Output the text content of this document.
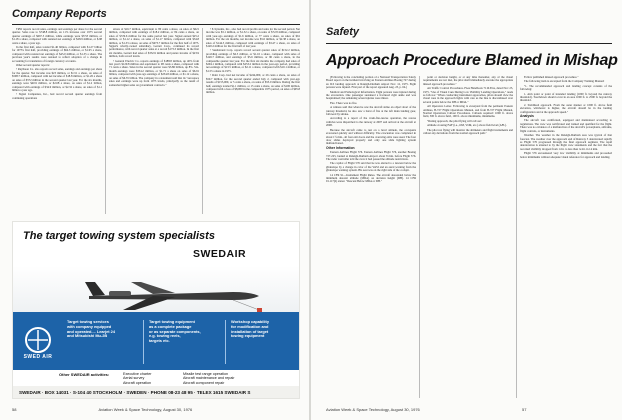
Company Reports

TRW reports record sales, earnings and earnings per share for the second quarter. Sales rose to $748.8 million, an 11% increase over 1975 second quarter earnings of $667.5 million, while earnings were $37.8 million, or $1.18 a share, compared with restated net earnings of $28.9 million, or $.98 cents a share, a year ago.

In the first half, sales totaled $1.46 billion, compared with $1.27 billion for 1975's first half, providing earnings of $64.3 million, or $1.95 a share, compared with restated net earnings of $45.0 million, or $1.35 a share. The previous year's results were restated to reflect adoption of a change in accounting for translation of foreign currency accounts.

Other second quarter reports:

• Raytheon Co. also reports record sales, earnings and earnings per share for the quarter. Net income was $23 million, or $1.51 a share, on sales of $598.7 million, compared with net income of $18.8 million, or $1.26 a share on sales of $572 million in the second quarter last year. For the six months, earnings were $40.9 million, or $2.68 a share, on sales of $1.2 billion, compared with earnings of $34.9 million, or $2.32 a share, on sales of $1.1 billion a year ago.

• Signal Companies, Inc., had record second quarter earnings from continuing operations

ations of $16.7 million, equivalent to 80 cents a share, on sales of $621 million, compared with earnings of $18.2 million, or 84 cents a share, on sales of $729.6 million for the same period last year. Signal earned $25.2 million, or $1.12 a share, on sales of $1.17 billion, compared with $34.8 million, or $1.33 a share, on sales of $973.7 million for the first half of 1975. Signal's wholly-owned subsidiary, Garrett Corp., continued its record performance, with record quarter sales at a record $173.3 million. In the first six months, Garrett had sales of $332.9 million and pretax income of $23.9 million, both record levels.

• General Electric Co. reports earnings of $188.8 million, up 40% from last year's $129.8 million and equivalent to 98 cents a share, compared with 71 cents a share. Sales in the second quarter were $3.86 billion, up 8%. Six-month earnings were $334.2 million, or $1.71 a share on sales of $6.91 billion, compared with year-ago earnings of $254.8 million, or $1.12 a share, on sales of $6.35 billion. The company in a statement said that its "aerospace sales and earnings were up from 1975 levels, principally as the result of somewhat higher sales on government contracts."

• E-Systems, Inc., also had record profits and sales for the second period. Net income was $3.1 million, or $1.32 a share, on sales of $72.8 million, compared with year-ago earnings of $1.6 million, or 77 cents a share, on sales of $61 million. For the six months, net income was $5.6 million, or $2.38 a share, on sales of $144.3 million, compared with earnings of $3.47 a share, on sales of $120.2 million for the first half of last year.

• Sundstrand Corp. reports record second quarter sales of $152.2 million, providing earnings of $6.5 million, or $1.16 a share, compared with sales of $126.7 million, and earnings of $5.6 million, or 96 cents a share, in the comparable quarter last year. For the first six months the company had sales of $294.1 million, compared with $253.2 million in the year-ago period, providing net earnings of $13.5 million, or $2.11 a share, compared with $10.1 million, or $1.53 a share in 1975.

• Rohr Corp. had net income of $244,000, or 26 cents a share, on sales of $50.7 million, for the second quarter ended July 2, compared with year-ago results of $155,000, or 5 cents a share, on sales of $53.0 million. During the first half, earnings totaled $1.1 million, or 15 cents a share, on sales of $100 million, compared with a loss of $8,000 in the comparable 1975 period, on sales of $95.8 million.

The target towing system specialists
SWEDAIR
SWED AIR
Target towing services
with company equipped
and operated.... Learjet 24
and Mitsubishi Mu-2B
Target towing equipment
as a complete package
or as separate components,
e.g. towing reels,
targets etc.
Workshop capability
for modification and
installation of target
towing equipment
Other SWEDAIR activities:	Executive charter
Aerial survey
Aircraft operation
Missile test range operation
Aircraft maintenance and repair
Aircraft component repair
SWEDAIR · BOX 14031 · S-104 40 STOCKHOLM · SWEDEN · PHONE 08-23 48 95 · TELEX 1615 SWEDAIR S
58	Aviation Week & Space Technology, August 30, 1976
Safety
Approach Procedure Blamed in Mishap

(Following is the concluding portion of a National Transportation Safety Board report on the incident involving an Eastern Airlines Boeing 727 during an ILS landing approach at Raleigh-Durham Airport Nov. 12, 1975. Eight persons were injured. First part of the report appeared Aug. 23, p. 64.)

Medical and Pathological Information. Eight persons were injured during the evacuation. One passenger sustained a fractured right ankle and was hospitalized; the remaining seven injuries were minor.

Fire. There was no fire.

A witness said that when he saw the aircraft strike an object short of the runway threshold, he also saw a burst of fire at the left main landing gear, followed by smoke.

According to a report of the crash-fire-rescue operation, the rescue vehicles were dispatched to the runway at 2007 and arrived at the aircraft at 2008.

Because the aircraft came to rest on a level attitude, the occupants evacuated quickly and without difficulty. The evacuation was completed in about 1½ min., all four exit doors and the overwing exits were used. The four door slides deployed properly and only one slide lighting system malfunctioned.

Other Information

Eastern Airlines Flight 576. Eastern Airlines Flight 576, another Boeing 727-225, landed at Raleigh-Durham Airport about 8 min. before Flight 576. The radar controller told the crew it had passed the altitude restrictions.

The copilot of Flight 576 said that he was alerted to a descent below the glideslope by a change in color of the VASI and an aural warning from the glideslope warning system. His seat was on the right side of the cockpit.

14 CFR 91—Instrument Flight Rules. The aircraft descended below the minimum descent altitude (MDA) on decision height (DH). 14 CFR 91.117(b) states: "Descent Below MDA or DH."

point or decision height, or at any time thereafter, any of the visual requirements are not met, the pilot shall immediately execute the appropriate missed approach procedure."

Air Traffic Control Procedures. FAA Handbook 7110.65A, dated Nov 25, 1975, "Use of Visual Cues During Low Visibility Landing Operations," reads as follows: "When conducting instrument approaches, pilots should view the visual cues in the approach lights with care as the line is discontinued over several points below the DH or MDA."

All Operators Letter. Following is excerpted from the pertinent Eastern Airlines, B-727 Flight Operations Manual, and from B-727 Flight Manual, Normal Operations Callout Procedures. Callouts required: 1000 ft. above field, 500 ft. above field, 100 ft. above minimums, minimums.

"During approach, the pilot flying will call out:

Altitude crossing FAF (i.e., OM, VOR, etc.) above field level (AFL).

The pilot not flying will monitor the altimeters and flight instruments and callout any deviations from the normal approach path."

Follow published missed approach procedure."

The following item is excerpted from the Company Training Manual:

"1. The recommended approach and landing concept consists of the following:

1. Aim point or point of intended landing (1000 ft. beyond the runway threshold). Touchdown should occur in an area 1000 ft. to 2500 ft. beyond the threshold.

2. Stabilized approach. From the outer marker or 1000 ft. above field elevation, whichever is higher, the aircraft should be in the landing configuration and at the approach speed."

Analysis

The aircraft was certificated, equipped and maintained according to regulations. The crew was certificated and trained and qualified for the flight. There was no evidence of a malfunction of the aircraft's powerplants, airframe, flight controls, or instruments.

Weather. The weather in the Raleigh-Durham area was typical of that forecast. The weather over the approach end of Runway 5 deteriorated rapidly as Flight 576 progressed through the final approach segment. The rapid deterioration is attested to by the flight crew statements and the fact that the recorded visibility dropped from 1 mi. to less than ¼ mi. in 14 min.

Flight 576 encountered very low visibility at minimums and proceeded below minimums without adequate visual reference for approach and landing.

Aviation Week & Space Technology, August 30, 1976	57
